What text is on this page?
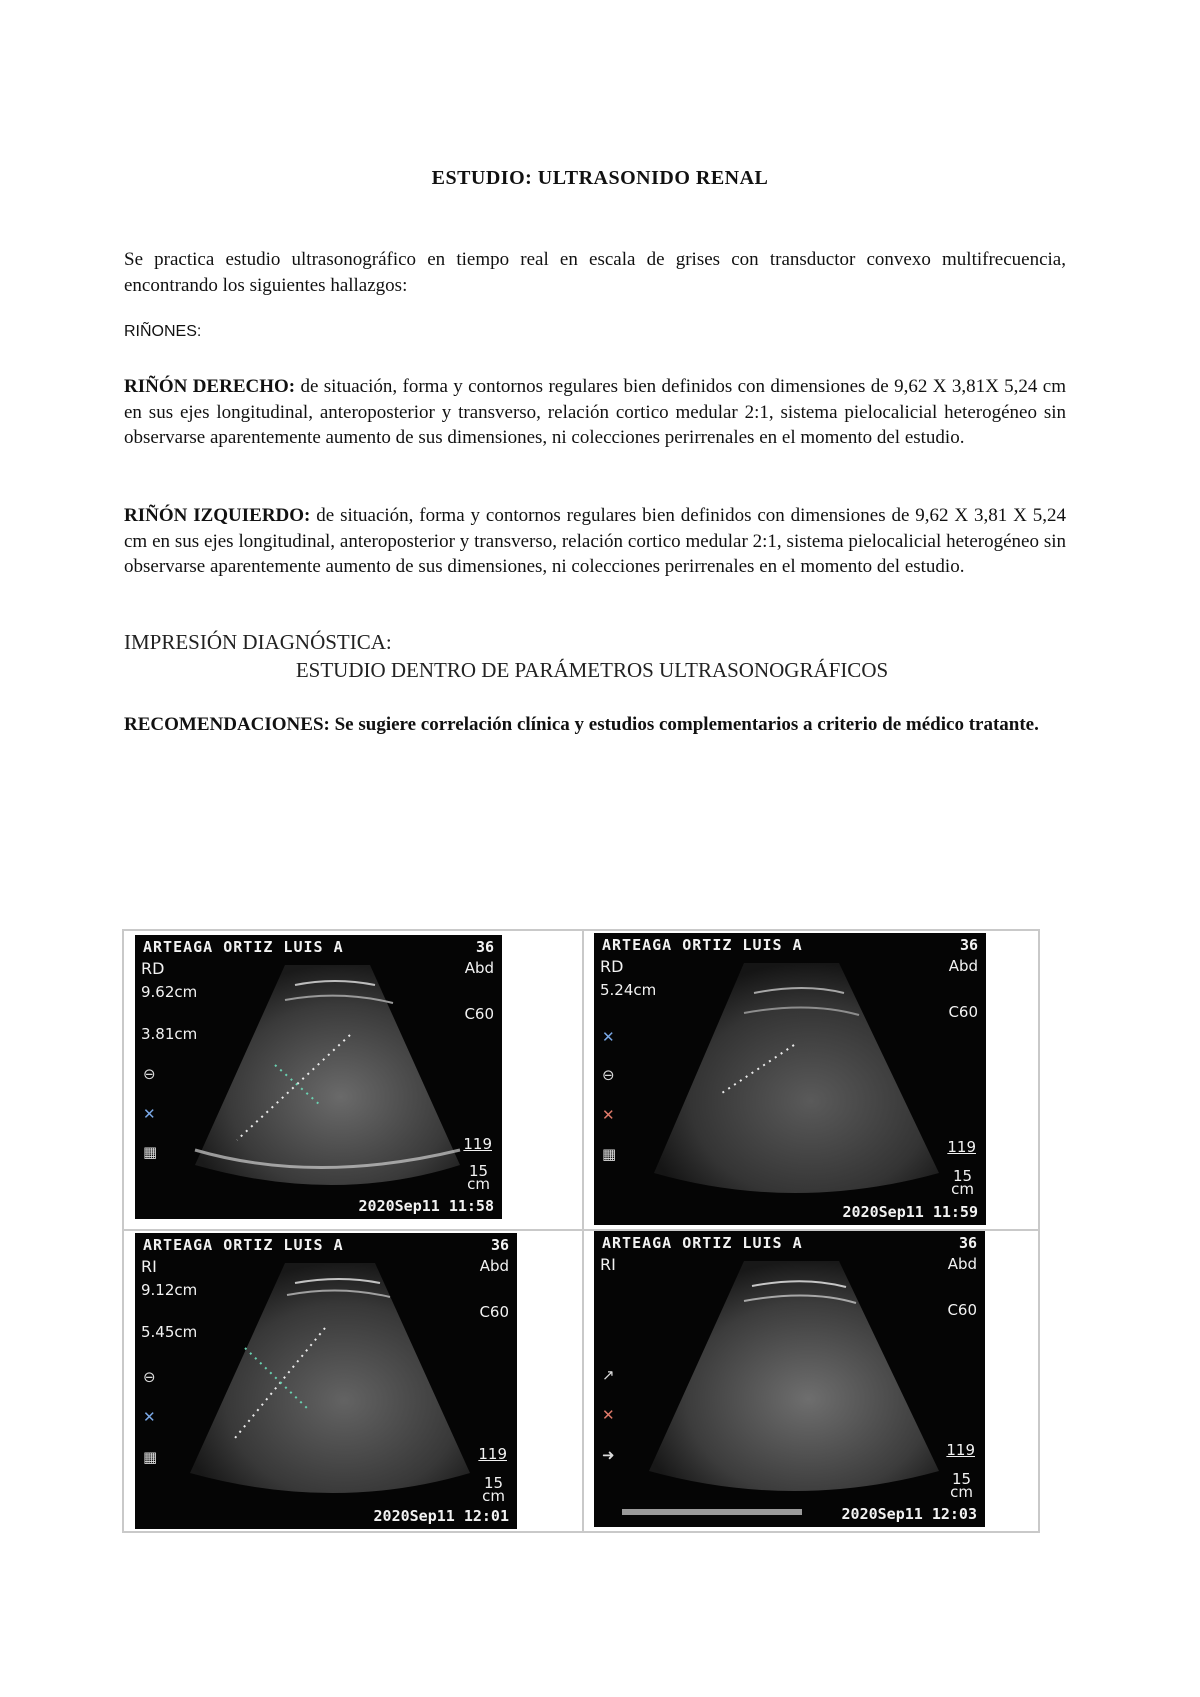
ESTUDIO: ULTRASONIDO RENAL
Se practica estudio ultrasonográfico en tiempo real en escala de grises con transductor convexo multifrecuencia, encontrando los siguientes hallazgos:
RIÑONES:
RIÑÓN DERECHO: de situación, forma y contornos regulares bien definidos con dimensiones de 9,62 X 3,81X 5,24 cm en sus ejes longitudinal, anteroposterior y transverso, relación cortico medular 2:1, sistema pielocalicial heterogéneo sin observarse aparentemente aumento de sus dimensiones, ni colecciones perirrenales en el momento del estudio.
RIÑÓN IZQUIERDO: de situación, forma y contornos regulares bien definidos con dimensiones de 9,62 X 3,81 X 5,24 cm en sus ejes longitudinal, anteroposterior y transverso, relación cortico medular 2:1, sistema pielocalicial heterogéneo sin observarse aparentemente aumento de sus dimensiones, ni colecciones perirrenales en el momento del estudio.
IMPRESIÓN DIAGNÓSTICA:
ESTUDIO DENTRO DE PARÁMETROS ULTRASONOGRÁFICOS
RECOMENDACIONES: Se sugiere correlación clínica y estudios complementarios a criterio de médico tratante.
ARTEAGA ORTIZ LUIS A	36
Abd
C60
RD
9.62cm
3.81cm
⊖
✕
▦	119
15
cm
2020Sep11 11:58
ARTEAGA ORTIZ LUIS A	36
Abd
C60
RD
5.24cm
✕
⊖
✕
▦	119
15
cm
2020Sep11 11:59
ARTEAGA ORTIZ LUIS A	36
Abd
C60
RI
9.12cm
5.45cm
⊖
✕
▦	119
15
cm
2020Sep11 12:01
ARTEAGA ORTIZ LUIS A	36
Abd
C60
RI
↗
✕
➜	119
15
cm
2020Sep11 12:03
